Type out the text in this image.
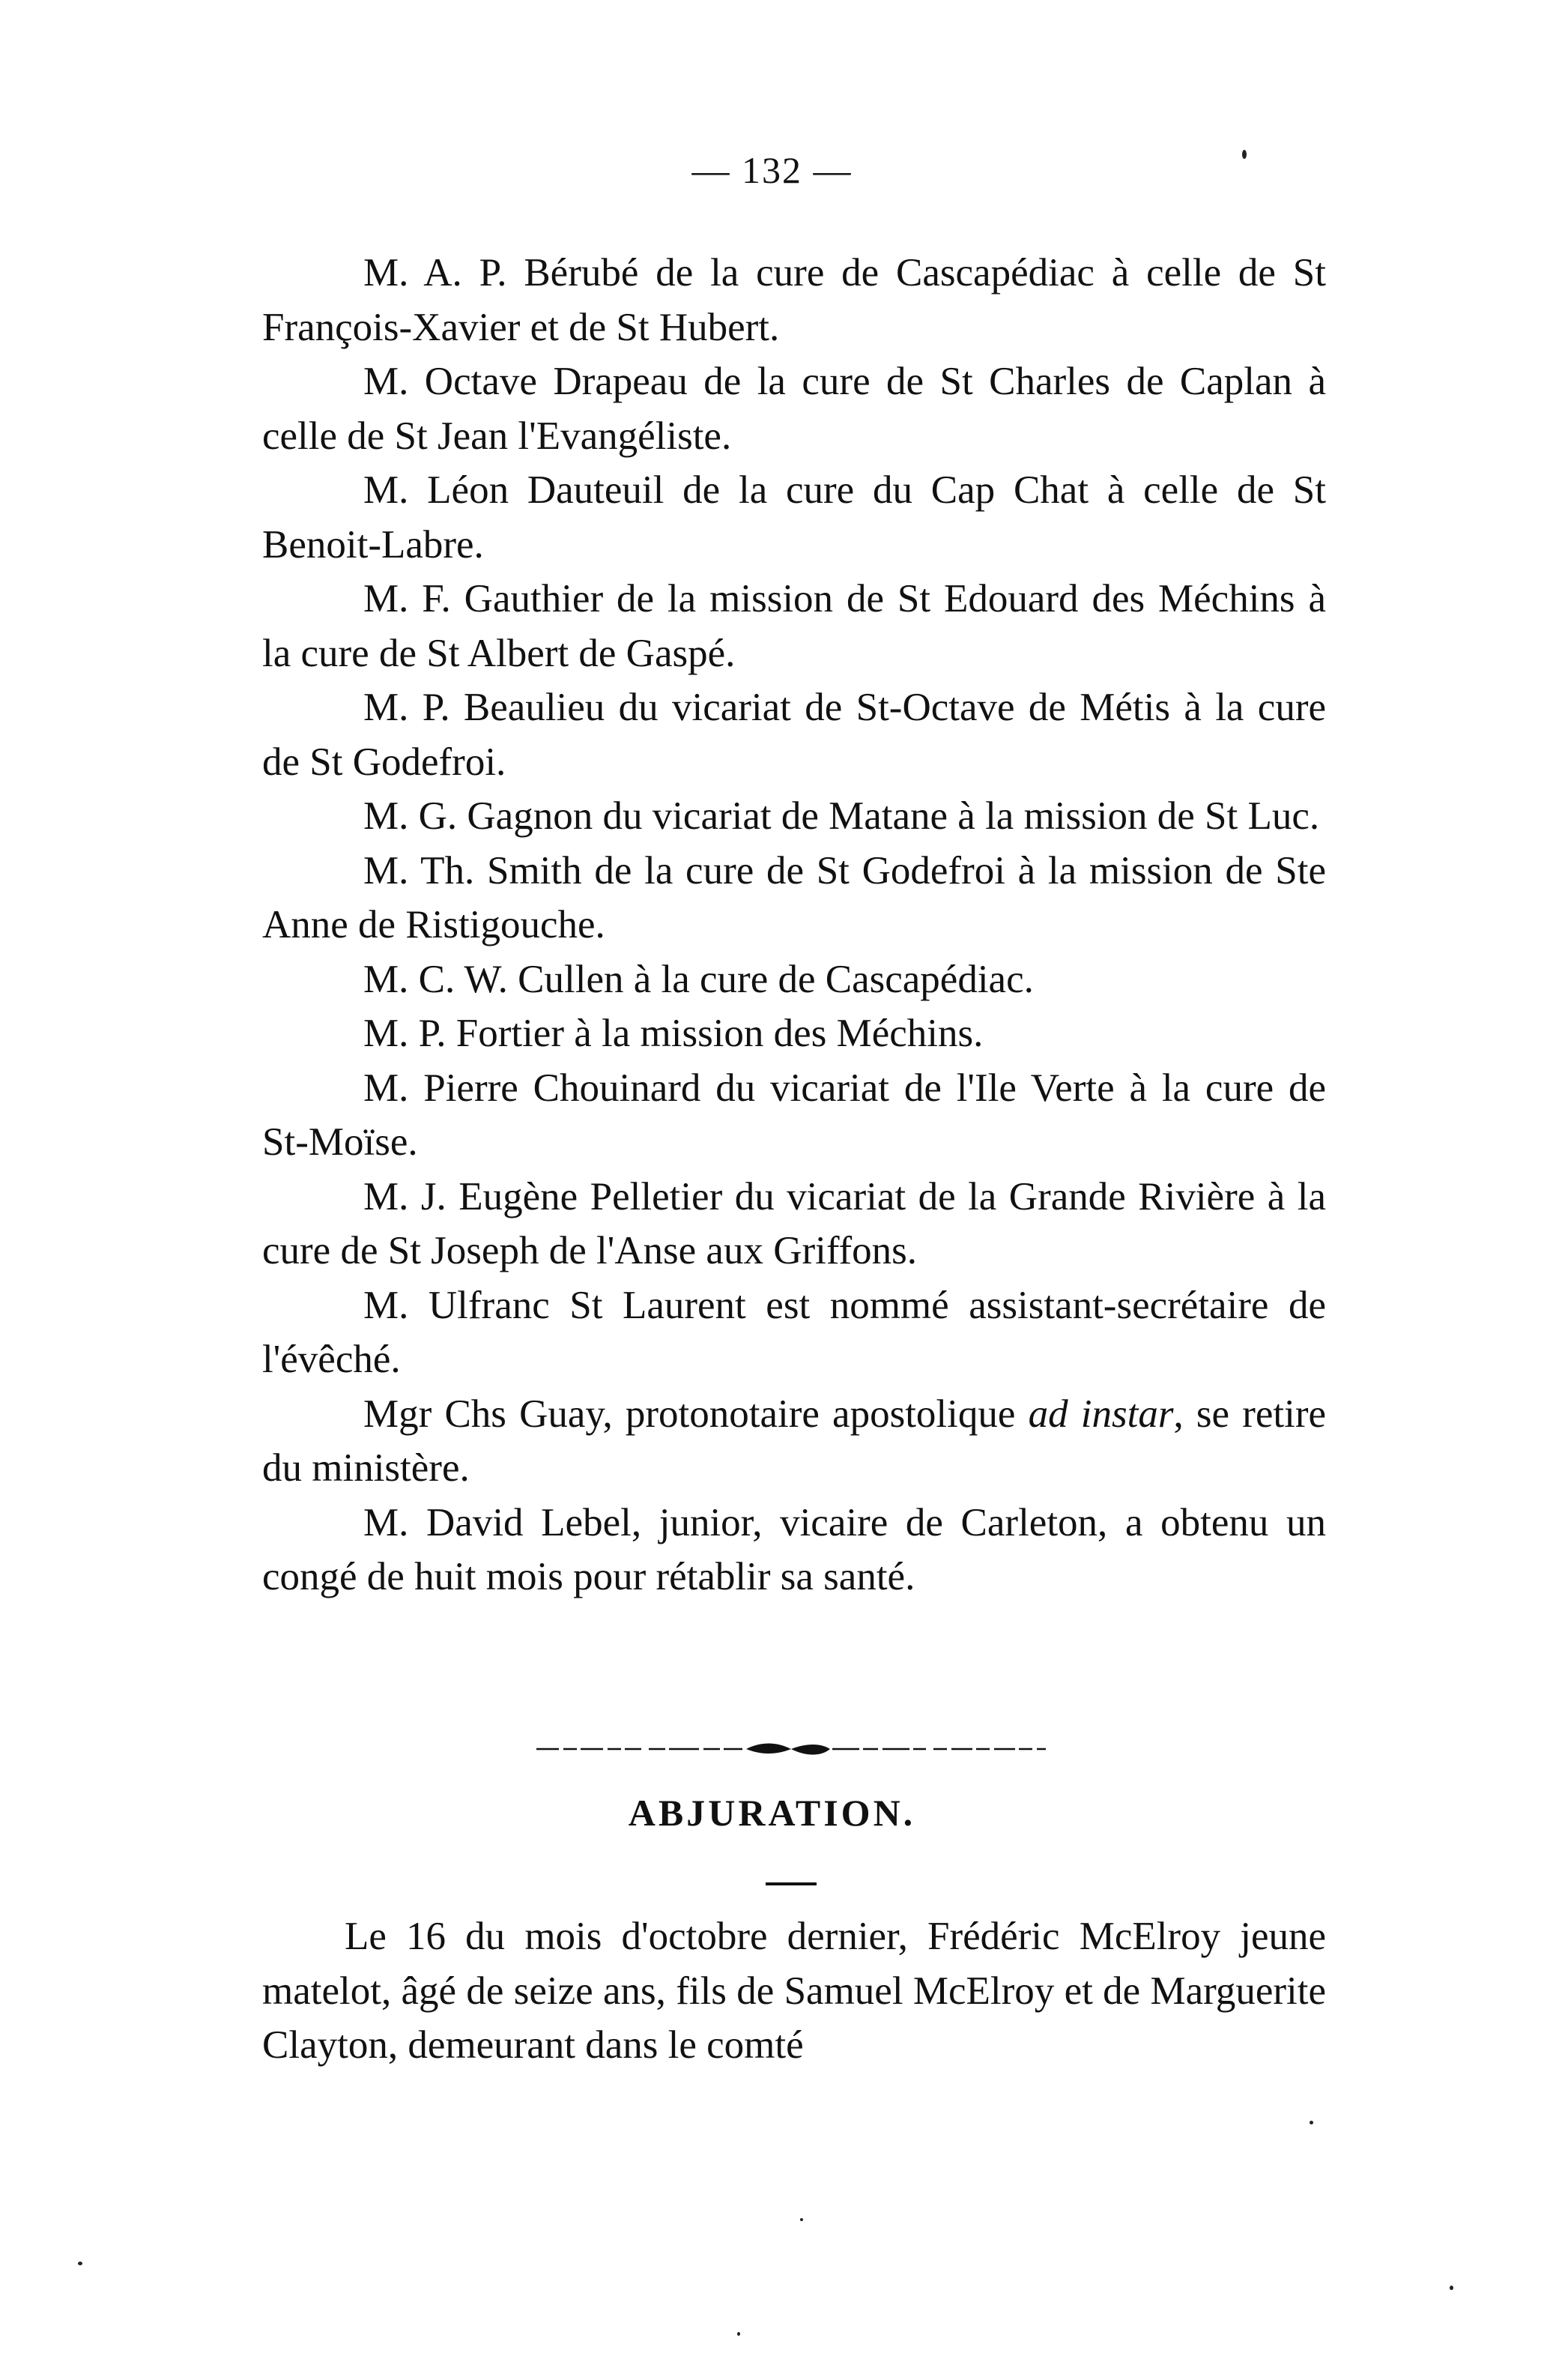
— 132 —

M. A. P. Bérubé de la cure de Cascapédiac à celle de St François-Xavier et de St Hubert.

M. Octave Drapeau de la cure de St Charles de Caplan à celle de St Jean l'Evangéliste.

M. Léon Dauteuil de la cure du Cap Chat à celle de St Benoit-Labre.

M. F. Gauthier de la mission de St Edouard des Méchins à la cure de St Albert de Gaspé.

M. P. Beaulieu du vicariat de St-Octave de Métis à la cure de St Godefroi.

M. G. Gagnon du vicariat de Matane à la mission de St Luc.

M. Th. Smith de la cure de St Godefroi à la mission de Ste Anne de Ristigouche.

M. C. W. Cullen à la cure de Cascapédiac.

M. P. Fortier à la mission des Méchins.

M. Pierre Chouinard du vicariat de l'Ile Verte à la cure de St-Moïse.

M. J. Eugène Pelletier du vicariat de la Grande Rivière à la cure de St Joseph de l'Anse aux Griffons.

M. Ulfranc St Laurent est nommé assistant-secrétaire de l'évêché.

Mgr Chs Guay, protonotaire apostolique ad instar, se retire du ministère.

M. David Lebel, junior, vicaire de Carleton, a obtenu un congé de huit mois pour rétablir sa santé.

ABJURATION.

Le 16 du mois d'octobre dernier, Frédéric McElroy jeune matelot, âgé de seize ans, fils de Samuel McElroy et de Marguerite Clayton, demeurant dans le comté
